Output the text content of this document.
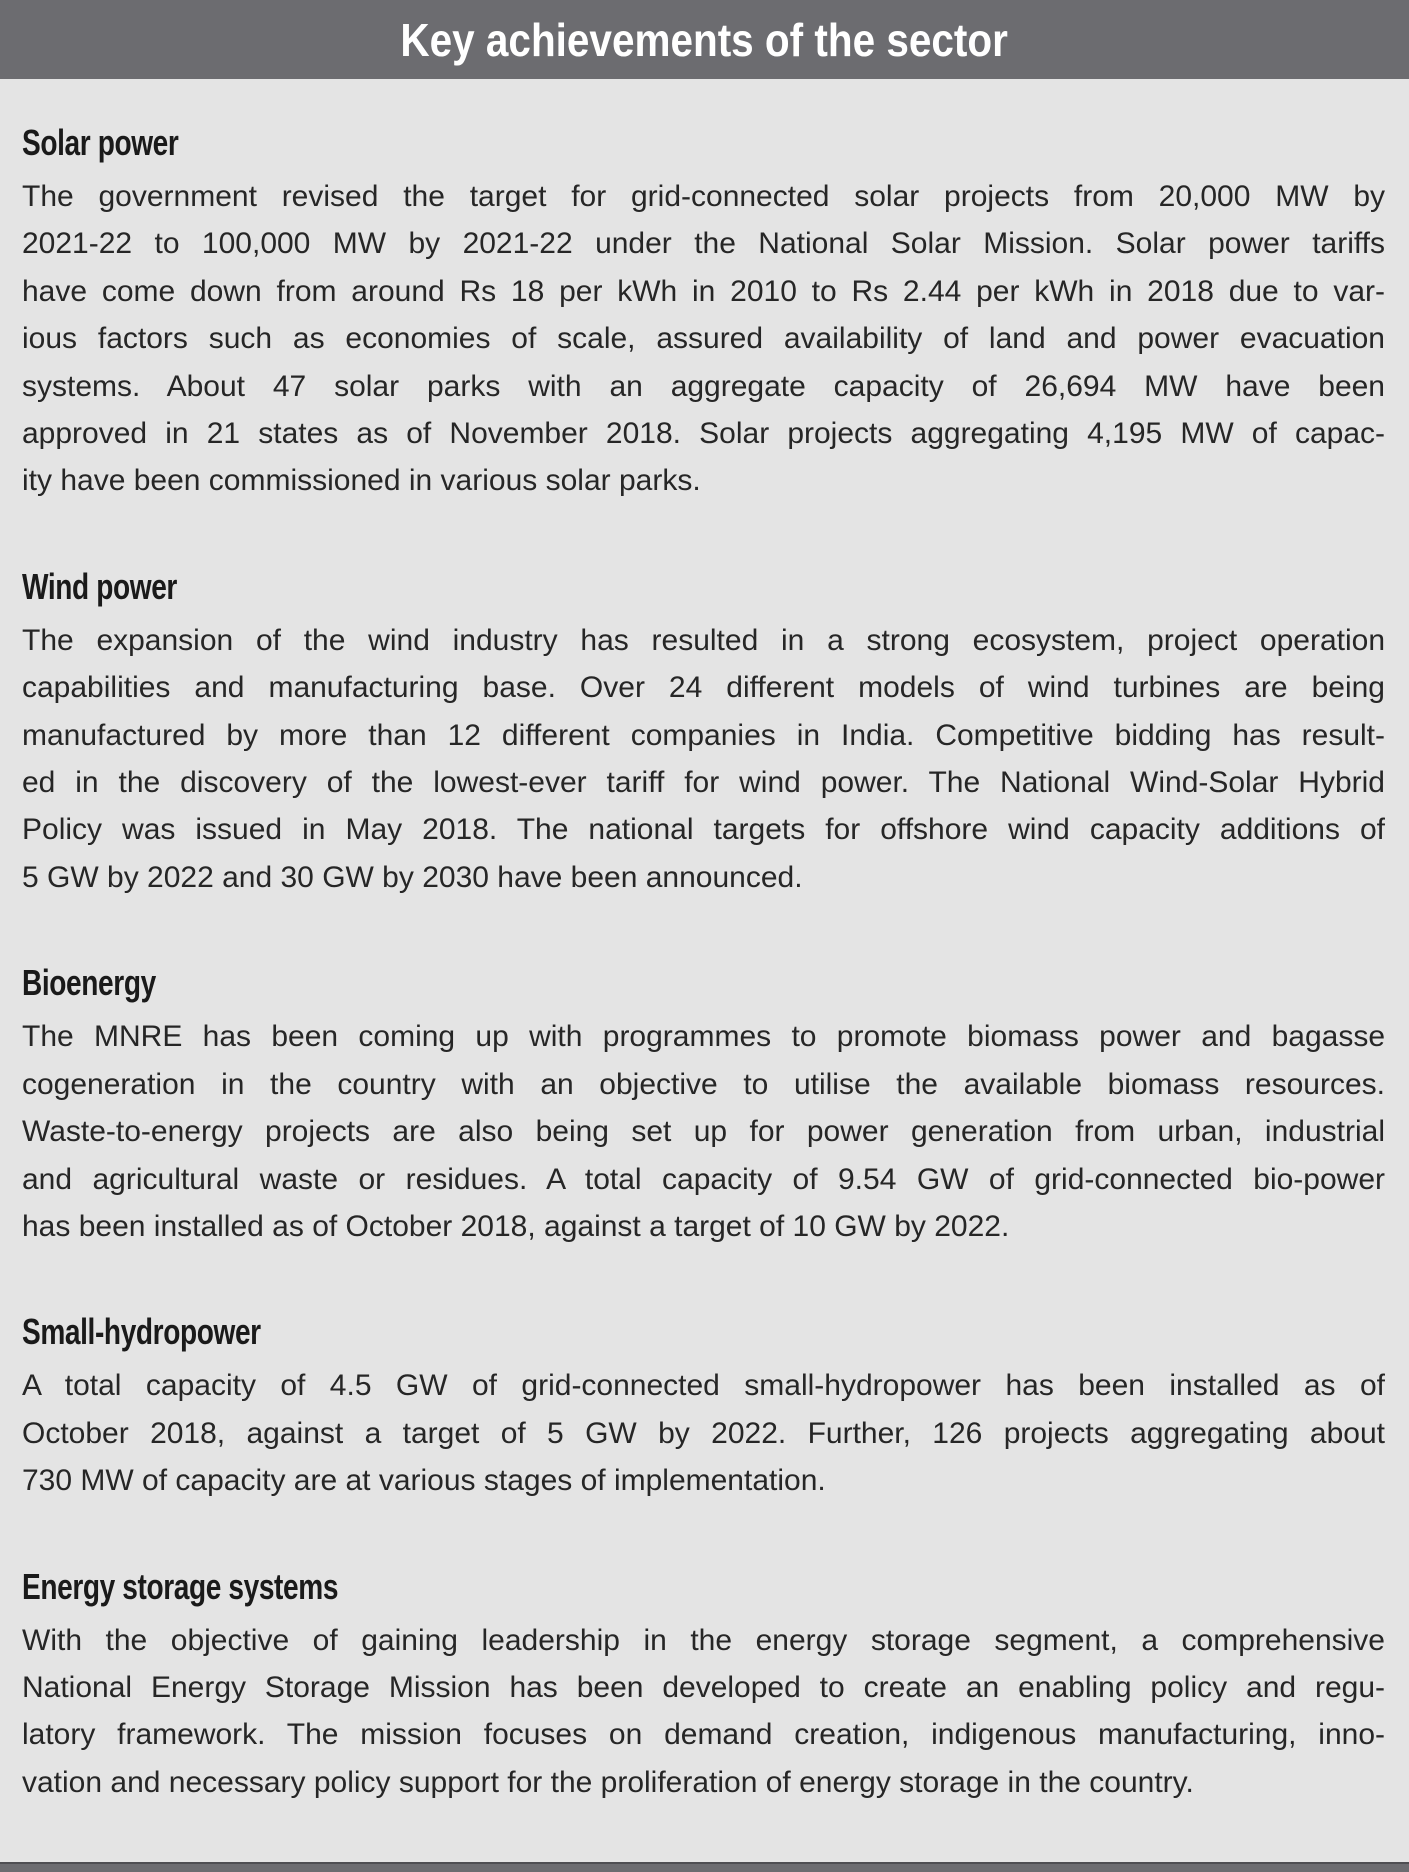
Key achievements of the sector
Solar power
The government revised the target for grid-connected solar projects from 20,000 MW by
2021-22 to 100,000 MW by 2021-22 under the National Solar Mission. Solar power tariffs
have come down from around Rs 18 per kWh in 2010 to Rs 2.44 per kWh in 2018 due to var-
ious factors such as economies of scale, assured availability of land and power evacuation
systems. About 47 solar parks with an aggregate capacity of 26,694 MW have been
approved in 21 states as of November 2018. Solar projects aggregating 4,195 MW of capac-
ity have been commissioned in various solar parks.
Wind power
The expansion of the wind industry has resulted in a strong ecosystem, project operation
capabilities and manufacturing base. Over 24 different models of wind turbines are being
manufactured by more than 12 different companies in India. Competitive bidding has result-
ed in the discovery of the lowest-ever tariff for wind power. The National Wind-Solar Hybrid
Policy was issued in May 2018. The national targets for offshore wind capacity additions of
5 GW by 2022 and 30 GW by 2030 have been announced.
Bioenergy
The MNRE has been coming up with programmes to promote biomass power and bagasse
cogeneration in the country with an objective to utilise the available biomass resources.
Waste-to-energy projects are also being set up for power generation from urban, industrial
and agricultural waste or residues. A total capacity of 9.54 GW of grid-connected bio-power
has been installed as of October 2018, against a target of 10 GW by 2022.
Small-hydropower
A total capacity of 4.5 GW of grid-connected small-hydropower has been installed as of
October 2018, against a target of 5 GW by 2022. Further, 126 projects aggregating about
730 MW of capacity are at various stages of implementation.
Energy storage systems
With the objective of gaining leadership in the energy storage segment, a comprehensive
National Energy Storage Mission has been developed to create an enabling policy and regu-
latory framework. The mission focuses on demand creation, indigenous manufacturing, inno-
vation and necessary policy support for the proliferation of energy storage in the country.
